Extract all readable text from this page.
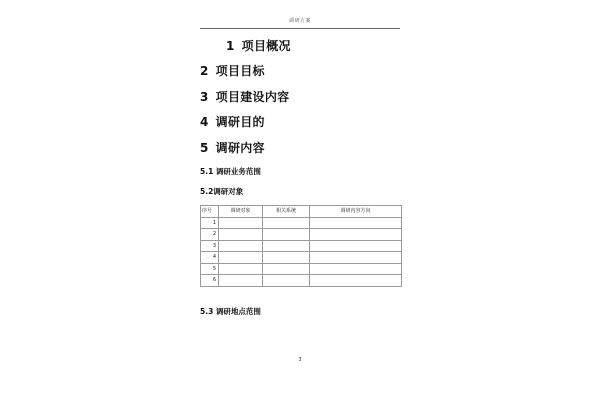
调研方案
1 项目概况
2 项目目标
3 项目建设内容
4 调研目的
5 调研内容
5.1 调研业务范围
5.2调研对象
序号	调研对象	相关系统	调研内容方向
1			
2			
3			
4			
5			
6			
5.3 调研地点范围
3
